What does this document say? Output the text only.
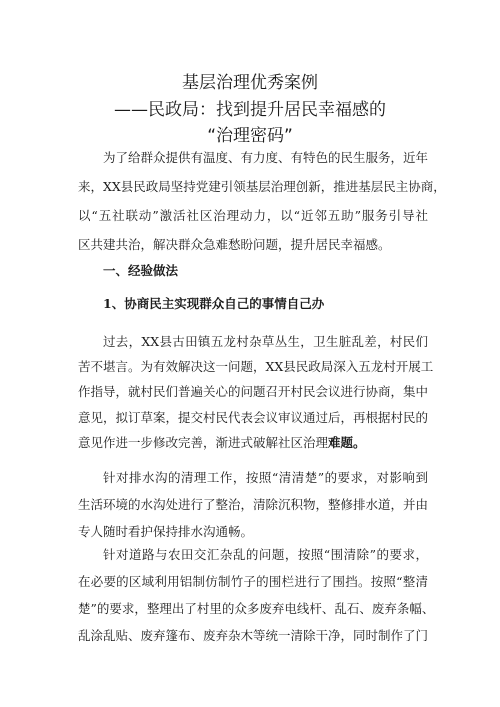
基层治理优秀案例
——民政局：找到提升居民幸福感的
“治理密码”
为了给群众提供有温度、有力度、有特色的民生服务，近年
来，XX县民政局坚持党建引领基层治理创新，推进基层民主协商，
以“五社联动”激活社区治理动力，以“近邻五助”服务引导社
区共建共治，解决群众急难愁盼问题，提升居民幸福感。
一、经验做法
1、协商民主实现群众自己的事情自己办
过去，XX县古田镇五龙村杂草丛生，卫生脏乱差，村民们
苦不堪言。为有效解决这一问题，XX县民政局深入五龙村开展工
作指导，就村民们普遍关心的问题召开村民会议进行协商，集中
意见，拟订草案，提交村民代表会议审议通过后，再根据村民的
意见作进一步修改完善，渐进式破解社区治理难题。
针对排水沟的清理工作，按照“清清楚”的要求，对影响到
生活环境的水沟处进行了整治，清除沉积物，整修排水道，并由
专人随时看护保持排水沟通畅。
针对道路与农田交汇杂乱的问题，按照“围清除”的要求，
在必要的区域利用铝制仿制竹子的围栏进行了围挡。按照“整清
楚”的要求，整理出了村里的众多废弃电线杆、乱石、废弃条幅、
乱涂乱贴、废弃篷布、废弃杂木等统一清除干净，同时制作了门
